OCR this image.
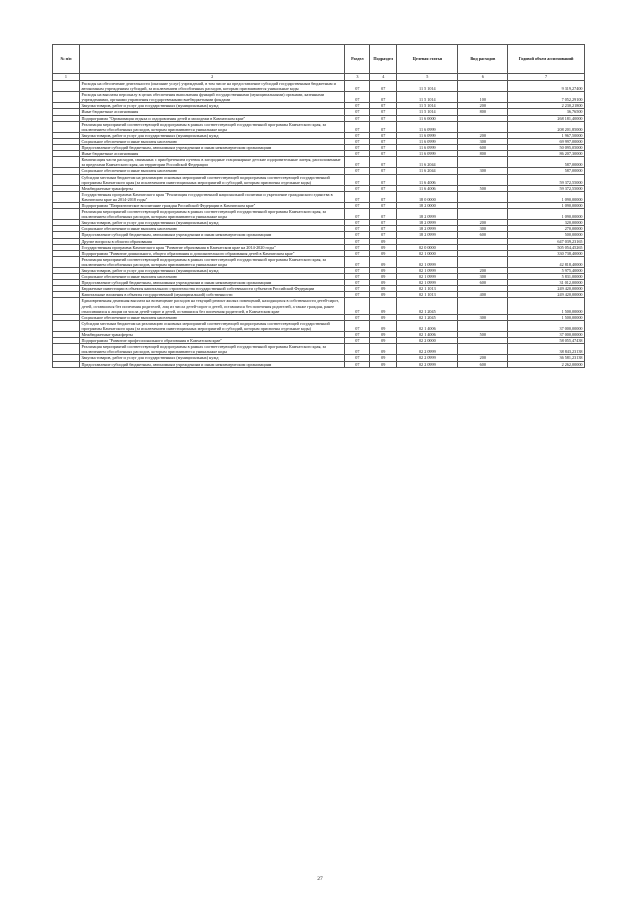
№ п/п		Раздел	Подраздел	Целевая статья	Вид расходов	Годовой объем ассигнований
1	2	3	4	5	6	7
	Расходы на обеспечение деятельности (оказание услуг) учреждений, в том числе на предоставление субсидий государственным бюджетным и автономным учреждениям субсидий, за исключением обособленных расходов, которым присваиваются уникальные коды	07	07	11 5 1014		9 319,27400
	Расходы на выплаты персоналу в целях обеспечения выполнения функций государственными (муниципальными) органами, казенными учреждениями, органами управления государственными внебюджетными фондами	07	07	11 5 1014	100	7 052,29100
	Закупка товаров, работ и услуг для государственных (муниципальных) нужд	07	07	11 5 1014	200	2 230,21800
	Иные бюджетные ассигнования	07	07	11 5 1014	800	36,76500
	Подпрограмма "Организация отдыха и оздоровления детей и молодежи в Камчатском крае"	07	07	11 6 0000		268 181,40000
	Реализация мероприятий соответствующей подпрограммы в рамках соответствующей государственной программы Камчатского края, за исключением обособленных расходов, которым присваиваются уникальные коды	07	07	11 6 0999		208 201,85000
	Закупка товаров, работ и услуг для государственных (муниципальных) нужд	07	07	11 6 0999	200	1 967,50000
	Социальное обеспечение и иные выплаты населению	07	07	11 6 0999	300	69 997,00000
	Предоставление субсидий бюджетным, автономным учреждениям и иным некоммерческим организациям	07	07	11 6 0999	600	50 095,05000
	Иные бюджетные ассигнования	07	07	11 6 0999	800	86 207,30000
	Компенсация части расходов, связанных с приобретением путевок в загородные стационарные детские оздоровительные лагеря, расположенные за пределами Камчатского края, на территории Российской Федерации	07	07	11 6 2044		587,00000
	Социальное обеспечение и иные выплаты населению	07	07	11 6 2044	300	587,00000
	Субсидии местным бюджетам на реализацию основных мероприятий соответствующей подпрограммы соответствующей государственной программы Камчатского края (за исключением инвестиционных мероприятий и субсидий, которым присвоены отдельные коды)	07	07	11 6 4006		59 372,55000
	Межбюджетные трансферты	07	07	11 6 4006	500	59 372,55000
	Государственная программа Камчатского края "Реализация государственной национальной политики и укрепление гражданского единства в Камчатском крае на 2014-2018 годы"	07	07	18 0 0000		1 090,00000
	Подпрограмма "Патриотическое воспитание граждан Российской Федерации в Камчатском крае"	07	07	18 2 0000		1 090,00000
	Реализация мероприятий соответствующей подпрограммы в рамках соответствующей государственной программы Камчатского края, за исключением обособленных расходов, которым присваиваются уникальные коды	07	07	18 2 0999		1 090,00000
	Закупка товаров, работ и услуг для государственных (муниципальных) нужд	07	07	18 2 0999	200	320,00000
	Социальное обеспечение и иные выплаты населению	07	07	18 2 0999	300	270,00000
	Предоставление субсидий бюджетным, автономным учреждениям и иным некоммерческим организациям	07	07	18 2 0999	600	500,00000
	Другие вопросы в области образования	07	09			647 039,23165
	Государственная программа Камчатского края "Развитие образования в Камчатском крае на 2014-2020 годы"	07	09	02 0 0000		505 054,45265
	Подпрограмма "Развитие дошкольного, общего образования и дополнительного образования детей в Камчатском крае"	07	09	02 1 0000		330 738,40000
	Реализация мероприятий соответствующей подпрограммы в рамках соответствующей государственной программы Камчатского края, за исключением обособленных расходов, которым присваиваются уникальные коды	07	09	02 1 0999		42 818,40000
	Закупка товаров, работ и услуг для государственных (муниципальных) нужд	07	09	02 1 0999	200	5 975,40000
	Социальное обеспечение и иные выплаты населению	07	09	02 1 0999	300	5 831,00000
	Предоставление субсидий бюджетным, автономным учреждениям и иным некоммерческим организациям	07	09	02 1 0999	600	31 012,00000
	Бюджетные инвестиции в объекты капитального строительства государственной собственности субъектов Российской Федерации	07	09	02 1 1013		249 420,00000
	Капитальные вложения в объекты государственной (муниципальной) собственности	07	09	02 1 1013	400	249 420,00000
	Единовременная денежная выплата на возмещение расходов на текущий ремонт жилых помещений, находящихся в собственности детей-сирот, детей, оставшихся без попечения родителей, лиц из числа детей-сирот и детей, оставшихся без попечения родителей, а также граждан, ранее относившихся к лицам из числа детей-сирот и детей, оставшихся без попечения родителей, в Камчатском крае	07	09	02 1 2045		1 500,00000
	Социальное обеспечение и иные выплаты населению	07	09	02 1 2045	300	1 500,00000
	Субсидии местным бюджетам на реализацию основных мероприятий соответствующей подпрограммы соответствующей государственной программы Камчатского края (за исключением инвестиционных мероприятий и субсидий, которым присвоены отдельные коды)	07	09	02 1 4006		37 000,00000
	Межбюджетные трансферты	07	09	02 1 4006	500	37 000,00000
	Подпрограмма "Развитие профессионального образования в Камчатском крае"	07	09	02 2 0000		58 055,47438
	Реализация мероприятий соответствующей подпрограммы в рамках соответствующей государственной программы Камчатского края, за исключением обособленных расходов, которым присваиваются уникальные коды	07	09	02 2 0999		38 843,23138
	Закупка товаров, работ и услуг для государственных (муниципальных) нужд	07	09	02 2 0999	200	36 581,23138
	Предоставление субсидий бюджетным, автономным учреждениям и иным некоммерческим организациям	07	09	02 2 0999	600	2 262,00000
27
